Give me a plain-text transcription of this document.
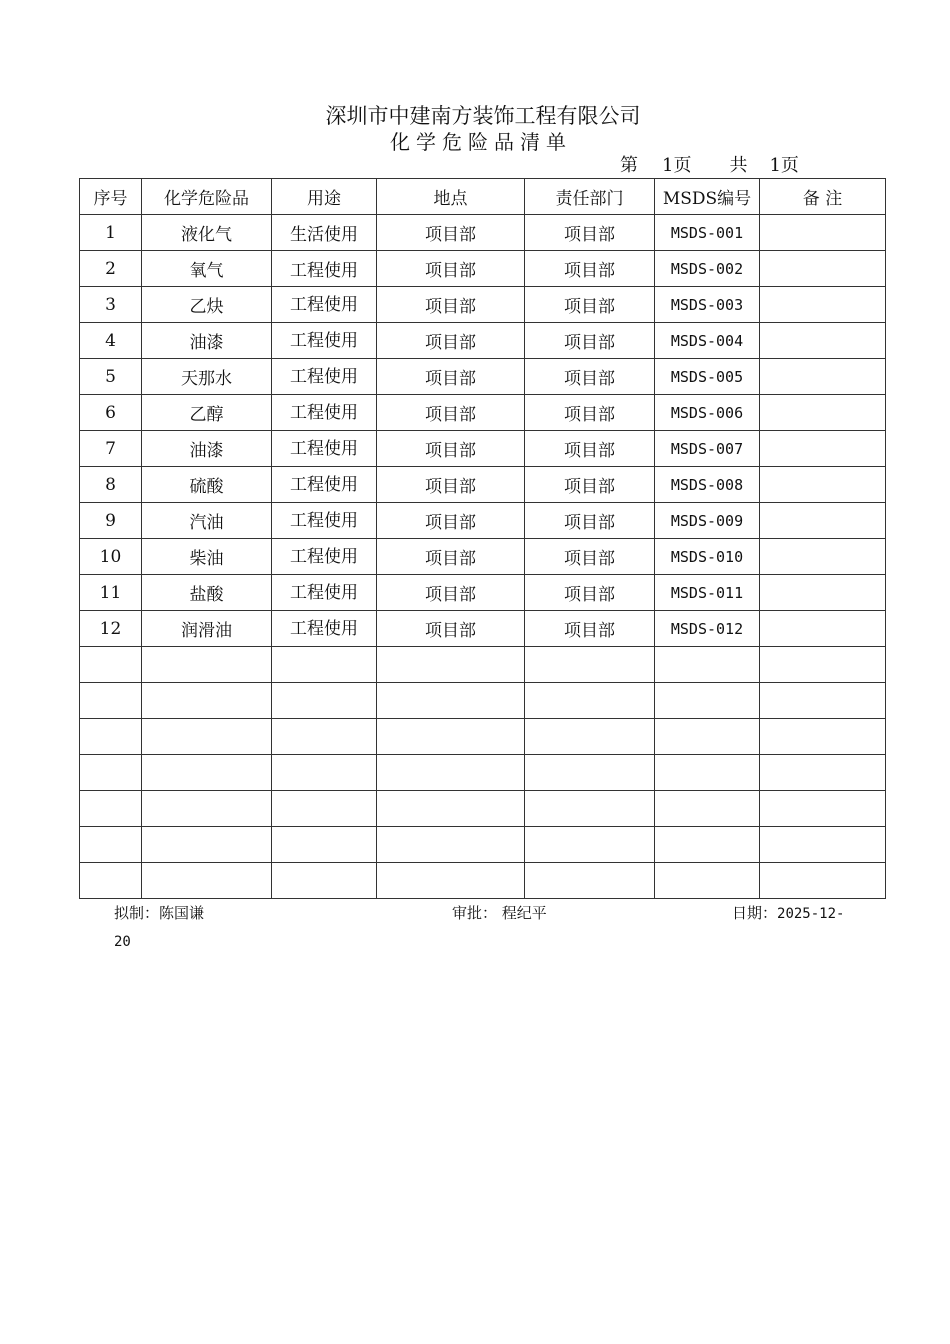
深圳市中建南方装饰工程有限公司
化学危险品清单
第 1页 共 1页
序号	化学危险品	用途	地点	责任部门	MSDS编号	备 注
1	液化气	生活使用	项目部	项目部	MSDS-001	
2	氧气	工程使用	项目部	项目部	MSDS-002	
3	乙炔	工程使用	项目部	项目部	MSDS-003	
4	油漆	工程使用	项目部	项目部	MSDS-004	
5	天那水	工程使用	项目部	项目部	MSDS-005	
6	乙醇	工程使用	项目部	项目部	MSDS-006	
7	油漆	工程使用	项目部	项目部	MSDS-007	
8	硫酸	工程使用	项目部	项目部	MSDS-008	
9	汽油	工程使用	项目部	项目部	MSDS-009	
10	柴油	工程使用	项目部	项目部	MSDS-010	
11	盐酸	工程使用	项目部	项目部	MSDS-011	
12	润滑油	工程使用	项目部	项目部	MSDS-012	

拟制：陈国谦	审批： 程纪平	日期：2025-12-
20
